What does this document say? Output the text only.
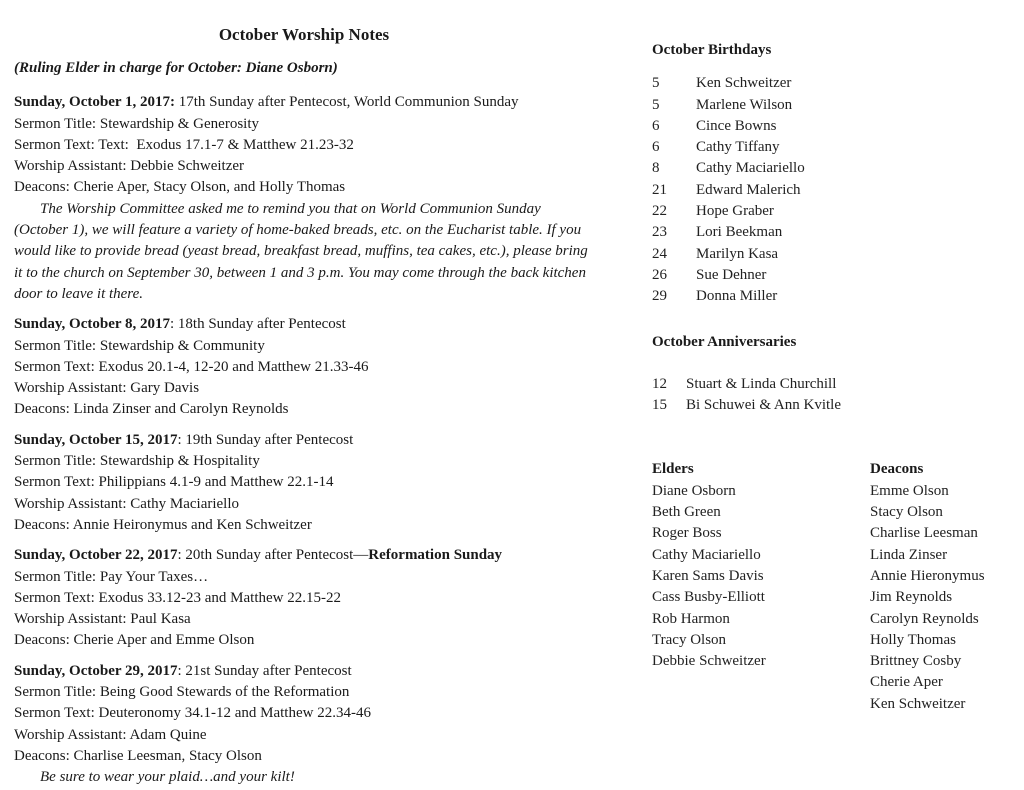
October Worship Notes
(Ruling Elder in charge for October: Diane Osborn)
Sunday, October 1, 2017: 17th Sunday after Pentecost, World Communion Sunday
Sermon Title: Stewardship & Generosity
Sermon Text: Text:  Exodus 17.1-7 & Matthew 21.23-32
Worship Assistant: Debbie Schweitzer
Deacons: Cherie Aper, Stacy Olson, and Holly Thomas
The Worship Committee asked me to remind you that on World Communion Sunday (October 1), we will feature a variety of home-baked breads, etc. on the Eucharist table. If you would like to provide bread (yeast bread, breakfast bread, muffins, tea cakes, etc.), please bring it to the church on September 30, between 1 and 3 p.m. You may come through the back kitchen door to leave it there.
Sunday, October 8, 2017: 18th Sunday after Pentecost
Sermon Title: Stewardship & Community
Sermon Text: Exodus 20.1-4, 12-20 and Matthew 21.33-46
Worship Assistant: Gary Davis
Deacons: Linda Zinser and Carolyn Reynolds
Sunday, October 15, 2017: 19th Sunday after Pentecost
Sermon Title: Stewardship & Hospitality
Sermon Text: Philippians 4.1-9 and Matthew 22.1-14
Worship Assistant: Cathy Maciariello
Deacons: Annie Heironymus and Ken Schweitzer
Sunday, October 22, 2017: 20th Sunday after Pentecost—Reformation Sunday
Sermon Title: Pay Your Taxes…
Sermon Text: Exodus 33.12-23 and Matthew 22.15-22
Worship Assistant: Paul Kasa
Deacons: Cherie Aper and Emme Olson
Sunday, October 29, 2017: 21st Sunday after Pentecost
Sermon Title: Being Good Stewards of the Reformation
Sermon Text: Deuteronomy 34.1-12 and Matthew 22.34-46
Worship Assistant: Adam Quine
Deacons: Charlise Leesman, Stacy Olson
Be sure to wear your plaid…and your kilt!
October Birthdays
5	Ken Schweitzer
5	Marlene Wilson
6	Cince Bowns
6	Cathy Tiffany
8	Cathy Maciariello
21	Edward Malerich
22	Hope Graber
23	Lori Beekman
24	Marilyn Kasa
26	Sue Dehner
29	Donna Miller
October Anniversaries
12	Stuart & Linda Churchill
15	Bi Schuwei & Ann Kvitle
Elders
Diane Osborn
Beth Green
Roger Boss
Cathy Maciariello
Karen Sams Davis
Cass Busby-Elliott
Rob Harmon
Tracy Olson
Debbie Schweitzer
Deacons
Emme Olson
Stacy Olson
Charlise Leesman
Linda Zinser
Annie Hieronymus
Jim Reynolds
Carolyn Reynolds
Holly Thomas
Brittney Cosby
Cherie Aper
Ken Schweitzer
